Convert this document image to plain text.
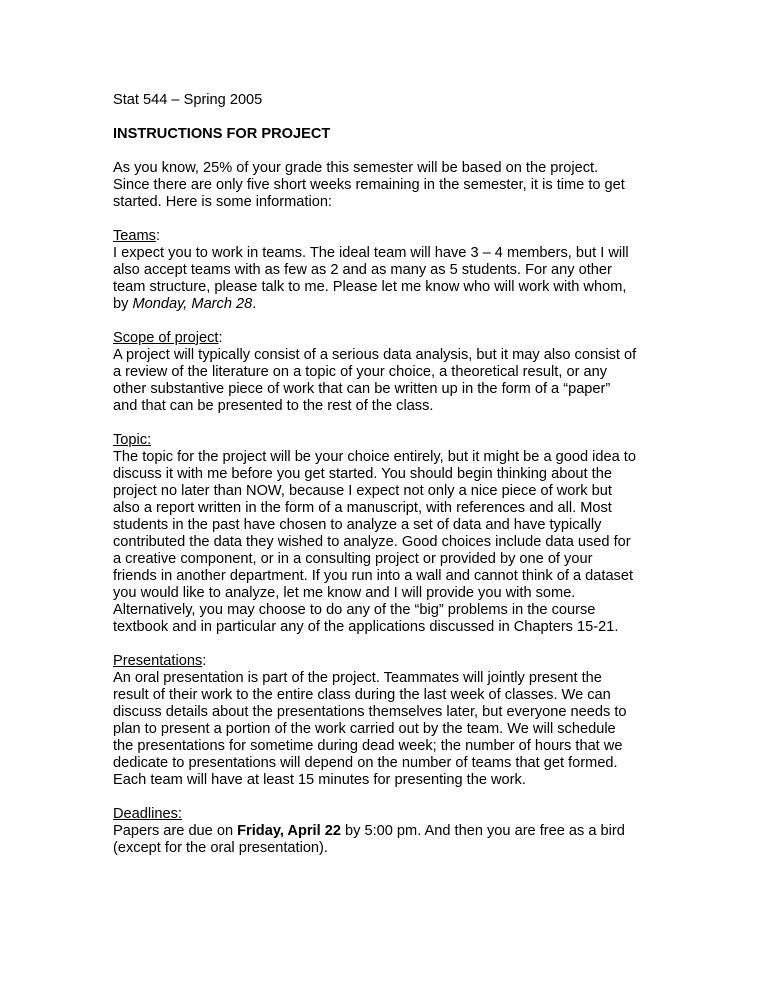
Stat 544 – Spring 2005
INSTRUCTIONS FOR PROJECT
As you know, 25% of your grade this semester will be based on the project.
Since there are only five short weeks remaining in the semester, it is time to get
started. Here is some information:
Teams:
I expect you to work in teams. The ideal team will have 3 – 4 members, but I will
also accept teams with as few as 2 and as many as 5 students. For any other
team structure, please talk to me. Please let me know who will work with whom,
by Monday, March 28.
Scope of project:
A project will typically consist of a serious data analysis, but it may also consist of
a review of the literature on a topic of your choice, a theoretical result, or any
other substantive piece of work that can be written up in the form of a “paper”
and that can be presented to the rest of the class.
Topic:
The topic for the project will be your choice entirely, but it might be a good idea to
discuss it with me before you get started. You should begin thinking about the
project no later than NOW, because I expect not only a nice piece of work but
also a report written in the form of a manuscript, with references and all. Most
students in the past have chosen to analyze a set of data and have typically
contributed the data they wished to analyze. Good choices include data used for
a creative component, or in a consulting project or provided by one of your
friends in another department. If you run into a wall and cannot think of a dataset
you would like to analyze, let me know and I will provide you with some.
Alternatively, you may choose to do any of the “big” problems in the course
textbook and in particular any of the applications discussed in Chapters 15-21.
Presentations:
An oral presentation is part of the project. Teammates will jointly present the
result of their work to the entire class during the last week of classes. We can
discuss details about the presentations themselves later, but everyone needs to
plan to present a portion of the work carried out by the team. We will schedule
the presentations for sometime during dead week; the number of hours that we
dedicate to presentations will depend on the number of teams that get formed.
Each team will have at least 15 minutes for presenting the work.
Deadlines:
Papers are due on Friday, April 22 by 5:00 pm. And then you are free as a bird
(except for the oral presentation).
